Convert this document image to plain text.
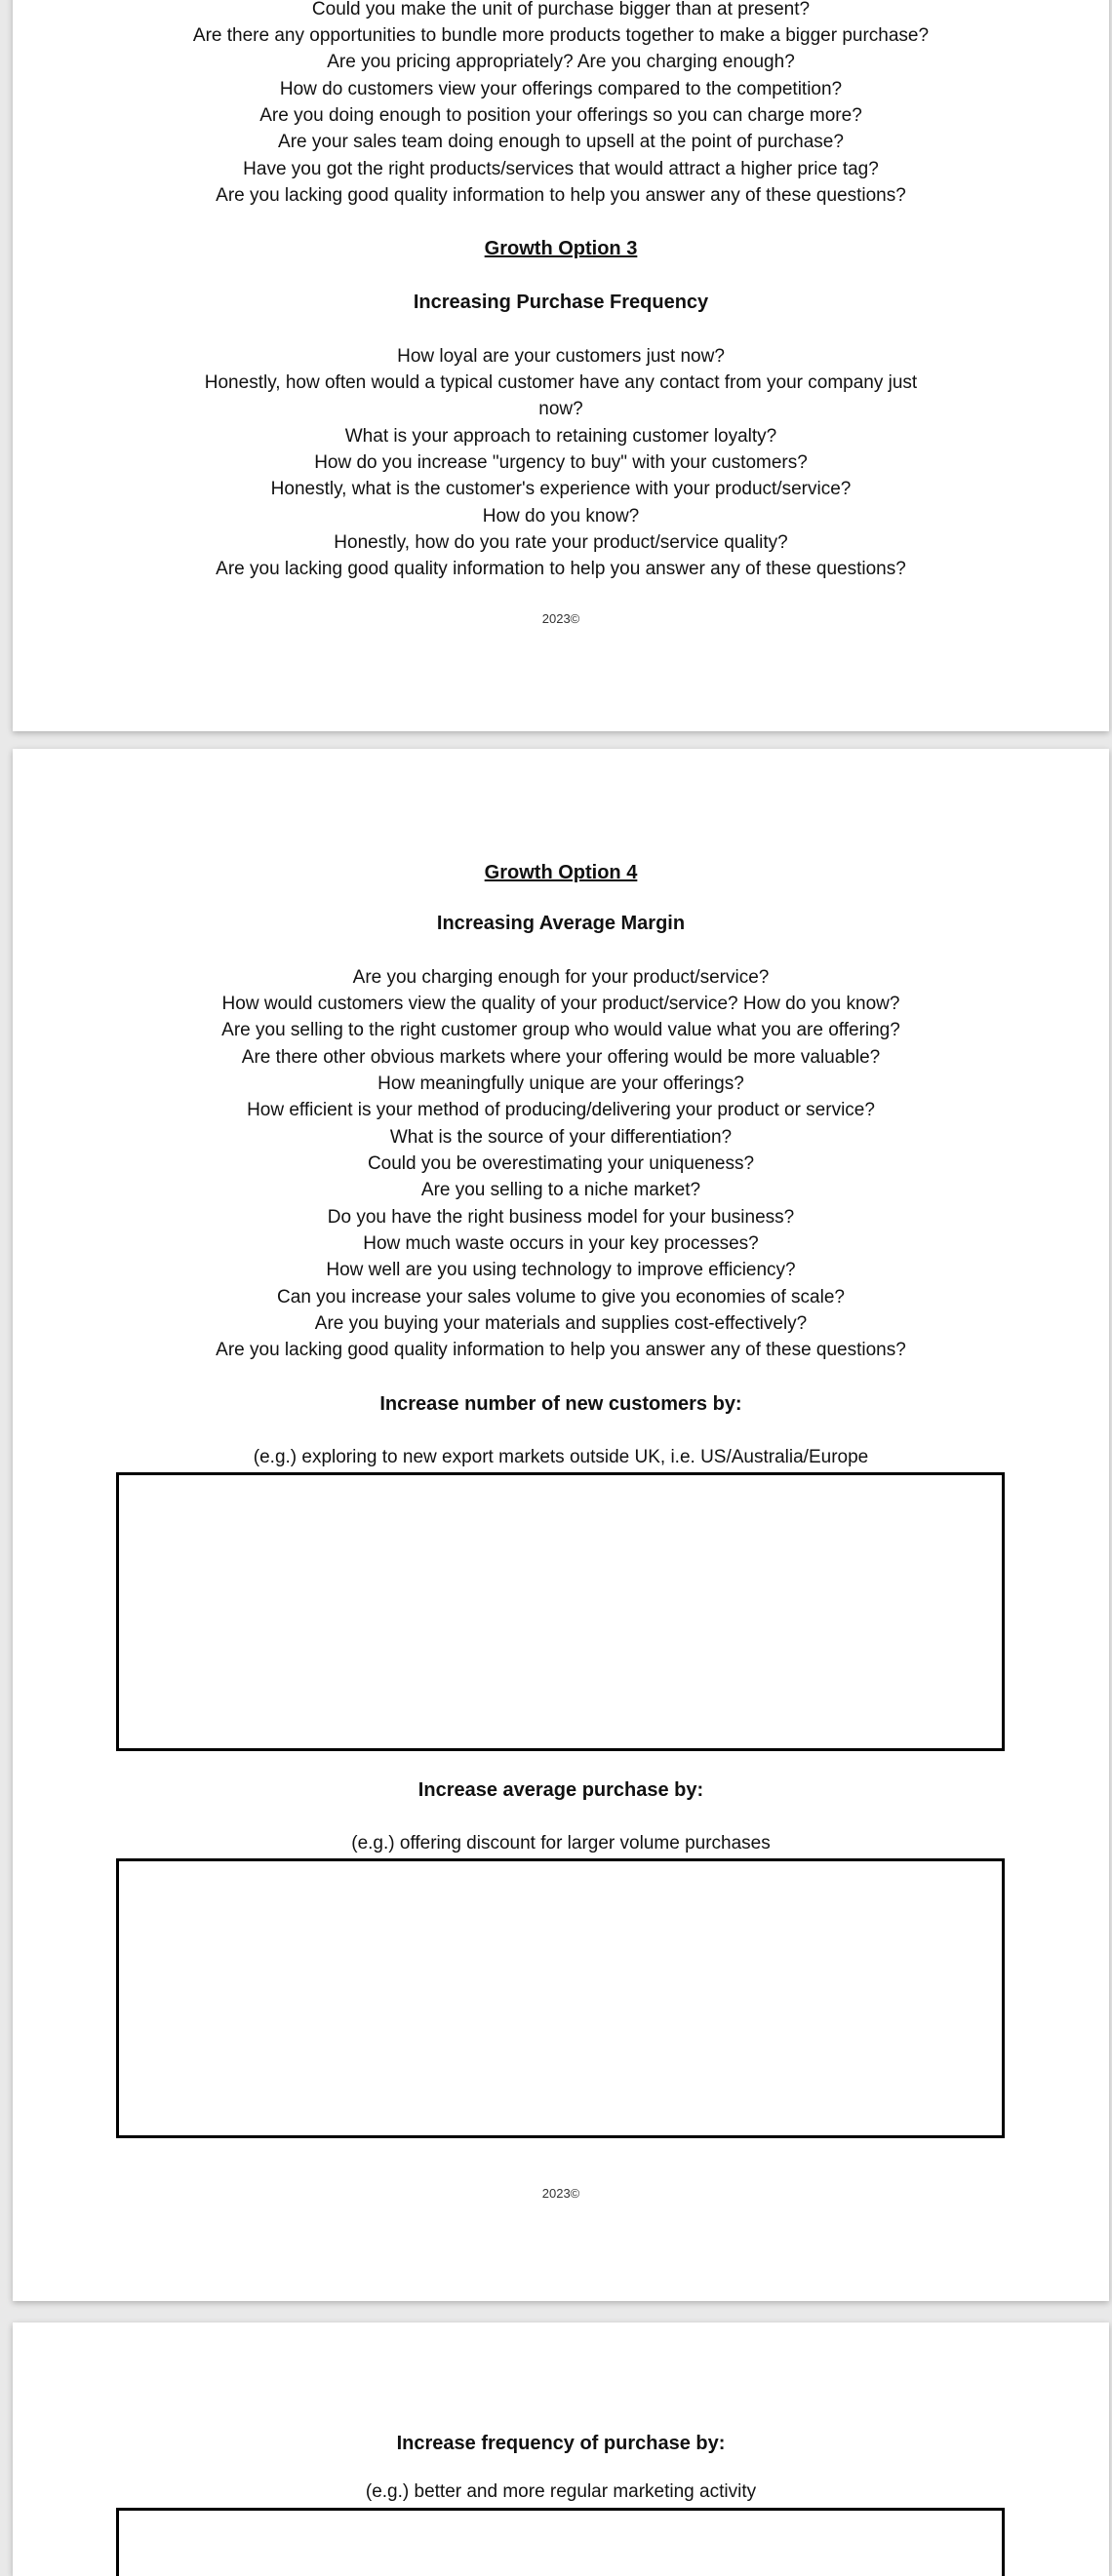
Could you make the unit of purchase bigger than at present?
Are there any opportunities to bundle more products together to make a bigger purchase?
Are you pricing appropriately? Are you charging enough?
How do customers view your offerings compared to the competition?
Are you doing enough to position your offerings so you can charge more?
Are your sales team doing enough to upsell at the point of purchase?
Have you got the right products/services that would attract a higher price tag?
Are you lacking good quality information to help you answer any of these questions?
Growth Option 3
Increasing Purchase Frequency
How loyal are your customers just now?
Honestly, how often would a typical customer have any contact from your company just
now?
What is your approach to retaining customer loyalty?
How do you increase "urgency to buy" with your customers?
Honestly, what is the customer's experience with your product/service?
How do you know?
Honestly, how do you rate your product/service quality?
Are you lacking good quality information to help you answer any of these questions?
2023©
Growth Option 4
Increasing Average Margin
Are you charging enough for your product/service?
How would customers view the quality of your product/service? How do you know?
Are you selling to the right customer group who would value what you are offering?
Are there other obvious markets where your offering would be more valuable?
How meaningfully unique are your offerings?
How efficient is your method of producing/delivering your product or service?
What is the source of your differentiation?
Could you be overestimating your uniqueness?
Are you selling to a niche market?
Do you have the right business model for your business?
How much waste occurs in your key processes?
How well are you using technology to improve efficiency?
Can you increase your sales volume to give you economies of scale?
Are you buying your materials and supplies cost-effectively?
Are you lacking good quality information to help you answer any of these questions?
Increase number of new customers by:
(e.g.) exploring to new export markets outside UK, i.e. US/Australia/Europe
Increase average purchase by:
(e.g.) offering discount for larger volume purchases
2023©
Increase frequency of purchase by:
(e.g.) better and more regular marketing activity
